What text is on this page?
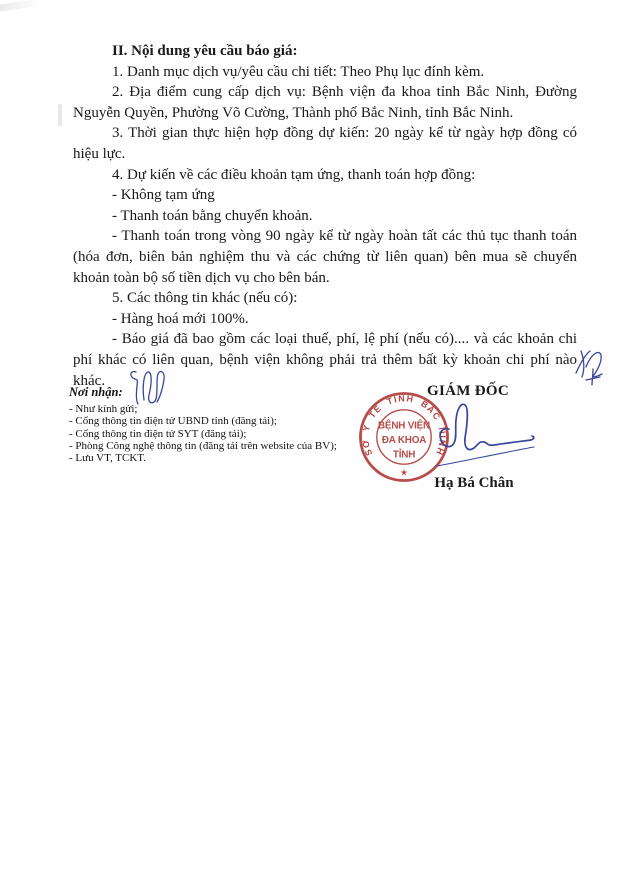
II. Nội dung yêu cầu báo giá:

1. Danh mục dịch vụ/yêu cầu chi tiết: Theo Phụ lục đính kèm.

2. Địa điểm cung cấp dịch vụ: Bệnh viện đa khoa tỉnh Bắc Ninh, Đường Nguyễn Quyền, Phường Võ Cường, Thành phố Bắc Ninh, tỉnh Bắc Ninh.

3. Thời gian thực hiện hợp đồng dự kiến: 20 ngày kể từ ngày hợp đồng có hiệu lực.

4. Dự kiến về các điều khoản tạm ứng, thanh toán hợp đồng:

- Không tạm ứng

- Thanh toán bằng chuyển khoản.

- Thanh toán trong vòng 90 ngày kể từ ngày hoàn tất các thủ tục thanh toán (hóa đơn, biên bản nghiệm thu và các chứng từ liên quan) bên mua sẽ chuyển khoản toàn bộ số tiền dịch vụ cho bên bán.

5. Các thông tin khác (nếu có):

- Hàng hoá mới 100%.

- Báo giá đã bao gồm các loại thuế, phí, lệ phí (nếu có).... và các khoản chi phí khác có liên quan, bệnh viện không phải trả thêm bất kỳ khoản chi phí nào khác.

Nơi nhận:
- Như kính gửi;
- Cổng thông tin điện tử UBND tỉnh (đăng tải);
- Cổng thông tin điện tử SYT (đăng tải);
- Phòng Công nghệ thông tin (đăng tải trên website của BV);
- Lưu VT, TCKT.
GIÁM ĐỐC
Hạ Bá Chân
SỞ Y TẾ TỈNH BẮC NINH
★
BỆNH VIỆN
ĐA KHOA
TỈNH
